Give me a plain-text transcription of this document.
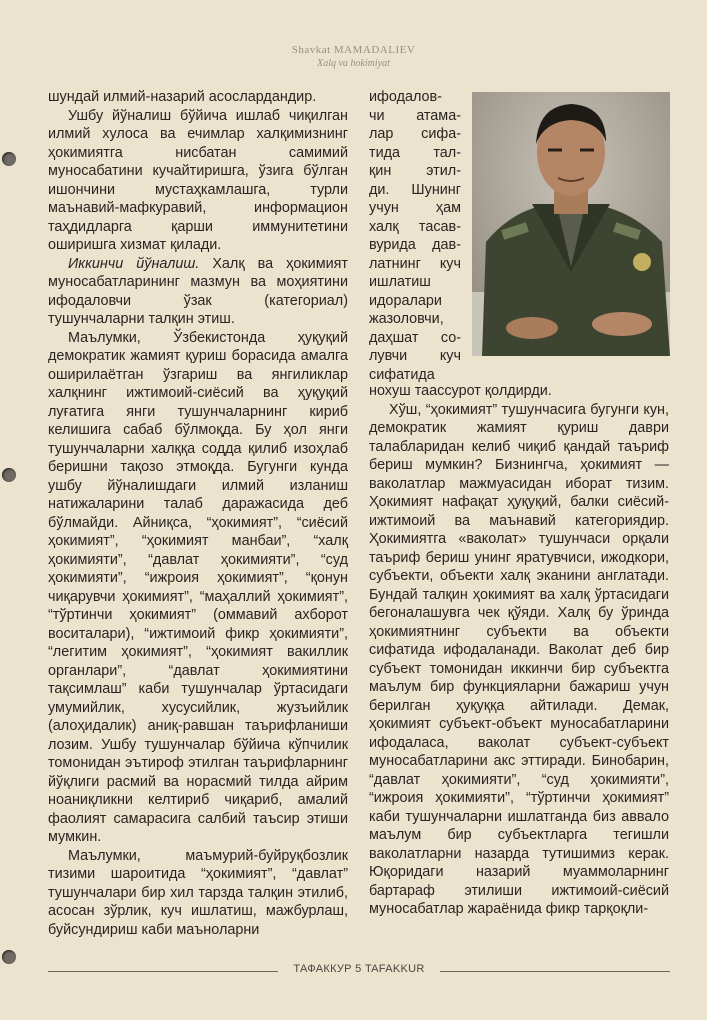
Shavkat MAMADALIEV
Xalq va hokimiyat

шундай илмий-назарий асослардандир.

Ушбу йўналиш бўйича ишлаб чиқилган илмий хулоса ва ечимлар халқимизнинг ҳокимиятга нисбатан самимий муносабатини кучайтиришга, ўзига бўлган ишончини мустаҳкамлашга, турли маънавий-мафкуравий, информацион таҳдидларга қарши иммунитетини оширишга хизмат қилади.

Иккинчи йўналиш. Халқ ва ҳокимият муносабатларининг мазмун ва моҳиятини ифодаловчи ўзак (категориал) тушунчаларни талқин этиш.

Маълумки, Ўзбекистонда ҳуқуқий демократик жамият қуриш борасида амалга оширилаётган ўзгариш ва янгиликлар халқнинг ижтимоий-сиёсий ва ҳуқуқий луғатига янги тушунчаларнинг кириб келишига сабаб бўлмоқда. Бу ҳол янги тушунчаларни халққа содда қилиб изоҳлаб беришни тақозо этмоқда. Бугунги кунда ушбу йўналишдаги илмий изланиш натижаларини талаб даражасида деб бўлмайди. Айниқса, “ҳокимият”, “сиёсий ҳокимият”, “ҳокимият манбаи”, “халқ ҳокимияти”, “давлат ҳокимияти”, “суд ҳокимияти”, “ижроия ҳокимият”, “қонун чиқарувчи ҳокимият”, “маҳаллий ҳокимият”, “тўртинчи ҳокимият” (оммавий ахборот воситалари), “ижтимоий фикр ҳокимияти”, “легитим ҳокимият”, “ҳокимият вакиллик органлари”, “давлат ҳокимиятини тақсимлаш” каби тушунчалар ўртасидаги умумийлик, хусусийлик, жузъийлик (алоҳидалик) аниқ-равшан таърифланиши лозим. Ушбу тушунчалар бўйича кўпчилик томонидан эътироф этилган таърифларнинг йўқлиги расмий ва норасмий тилда айрим ноаниқликни келтириб чиқариб, амалий фаолият самарасига салбий таъсир этиши мумкин.

Маълумки, маъмурий-буйруқбозлик тизими шароитида “ҳокимият”, “давлат” тушунчалари бир хил тарзда талқин этилиб, асосан зўрлик, куч ишлатиш, мажбурлаш, буйсундириш каби маъноларни

ифодалов-

чи атама-

лар сифа-

тида тал-

қин этил-

ди. Шунинг

учун ҳам

халқ тасав-

вурида дав-

латнинг куч

ишлатиш

идоралари

жазоловчи,

даҳшат со-

лувчи куч

сифатида

нохуш таассурот қолдирди.

Хўш, “ҳокимият” тушунчасига бугунги кун, демократик жамият қуриш даври талабларидан келиб чиқиб қандай таъриф бериш мумкин? Бизнингча, ҳокимият — ваколатлар мажмуасидан иборат тизим. Ҳокимият нафақат ҳуқуқий, балки сиёсий-ижтимоий ва маънавий категориядир. Ҳокимиятга «ваколат» тушунчаси орқали таъриф бериш унинг яратувчиси, ижодкори, субъекти, объекти халқ эканини англатади. Бундай талқин ҳокимият ва халқ ўртасидаги бегоналашувга чек қўяди. Халқ бу ўринда ҳокимиятнинг субъекти ва объекти сифатида ифодаланади. Ваколат деб бир субъект томонидан иккинчи бир субъектга маълум бир функцияларни бажариш учун берилган ҳуқуққа айтилади. Демак, ҳокимият субъект-объект муносабатларини ифодаласа, ваколат субъект-субъект муносабатларини акс эттиради. Бинобарин, “давлат ҳокимияти”, “суд ҳокимияти”, “ижроия ҳокимияти”, “тўртинчи ҳокимият” каби тушунчаларни ишлатганда биз аввало маълум бир субъектларга тегишли ваколатларни назарда тутишимиз керак. Юқоридаги назарий муаммоларнинг бартараф этилиши ижтимоий-сиёсий муносабатлар жараёнида фикр тарқоқли-

ТАФАККУР 5 TAFAKKUR
